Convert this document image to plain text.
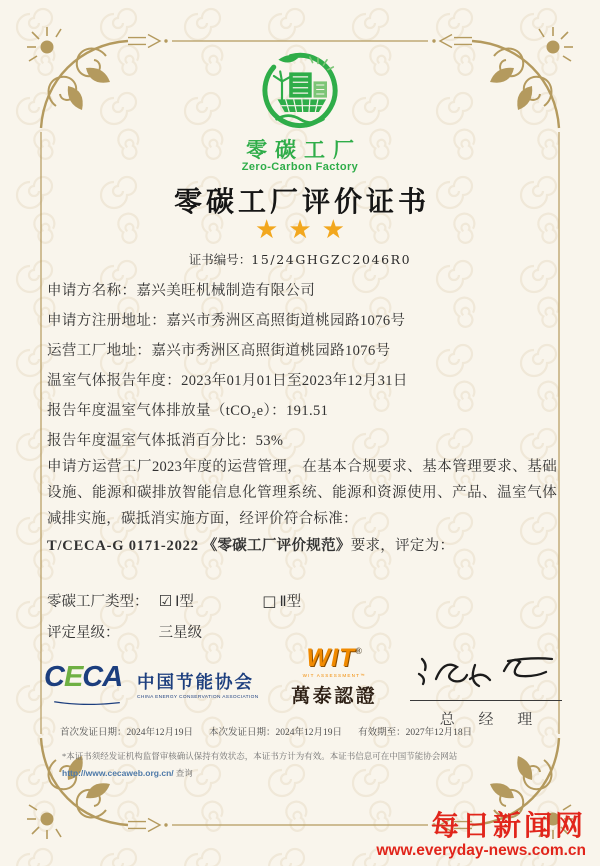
零碳工厂
Zero-Carbon Factory
零碳工厂评价证书
★★★
证书编号：15/24GHGZC2046R0
申请方名称：嘉兴美旺机械制造有限公司
申请方注册地址：嘉兴市秀洲区高照街道桃园路1076号
运营工厂地址：嘉兴市秀洲区高照街道桃园路1076号
温室气体报告年度：2023年01月01日至2023年12月31日
报告年度温室气体排放量（tCO₂e）：191.51
报告年度温室气体抵消百分比：53%
申请方运营工厂2023年度的运营管理，在基本合规要求、基本管理要求、基础设施、能源和碳排放智能信息化管理系统、能源和资源使用、产品、温室气体减排实施，碳抵消实施方面，经评价符合标准：
T/CECA-G 0171-2022 《零碳工厂评价规范》要求，评定为：
零碳工厂类型： ☑ Ⅰ型	□ Ⅱ型
评定星级：	三星级
CECA 中国节能协会
CHINA ENERGY CONSERVATION ASSOCIATION
WIT®
WIT ASSESSMENT™
萬泰認證
总 经 理
首次发证日期：2024年12月19日 本次发证日期：2024年12月19日 有效期至：2027年12月18日
*本证书须经发证机构监督审核确认保持有效状态，本证书方计为有效。本证书信息可在中国节能协会网站
http://www.cecaweb.org.cn/ 查询
每日新闻网
www.everyday-news.com.cn
